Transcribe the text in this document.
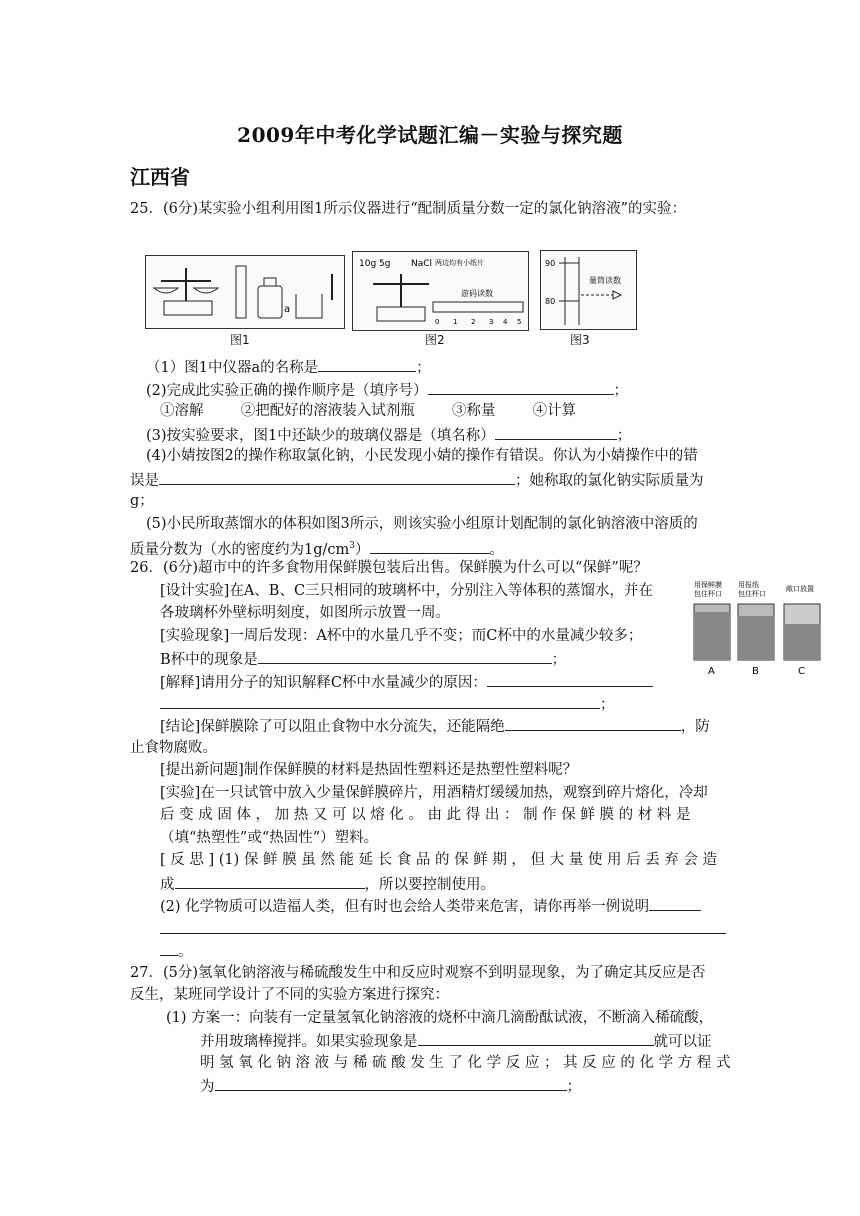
2009年中考化学试题汇编－实验与探究题
江西省
25．(6分)某实验小组利用图1所示仪器进行“配制质量分数一定的氯化钠溶液”的实验：
a
图1
10g 5g NaCl 两边均有小纸片
游码读数
0 1 2 3 4 5
图2
90
80
量筒读数
图3
（1）图1中仪器a的名称是	；
(2)完成此实验正确的操作顺序是（填序号）	；
①溶解	②把配好的溶液装入试剂瓶	③称量	④计算
(3)按实验要求，图1中还缺少的玻璃仪器是（填名称）	；
(4)小婧按图2的操作称取氯化钠，小民发现小婧的操作有错误。你认为小婧操作中的错
误是	；她称取的氯化钠实际质量为
g；
(5)小民所取蒸馏水的体积如图3所示，则该实验小组原计划配制的氯化钠溶液中溶质的
质量分数为（水的密度约为$1g/cm^3$）	。
26．(6分)超市中的许多食物用保鲜膜包装后出售。保鲜膜为什么可以“保鲜”呢？
[设计实验]在A、B、C三只相同的玻璃杯中，分别注入等体积的蒸馏水，并在
各玻璃杯外壁标明刻度，如图所示放置一周。
[实验现象]一周后发现：A杯中的水量几乎不变；而C杯中的水量减少较多；
B杯中的现象是	；
[解释]请用分子的知识解释C杯中水量减少的原因：
；
用保鲜膜
包住杯口
用报纸
包住杯口
敞口放置
A	B	C
[结论]保鲜膜除了可以阻止食物中水分流失，还能隔绝	，防
止食物腐败。
[提出新问题]制作保鲜膜的材料是热固性塑料还是热塑性塑料呢？
[实验]在一只试管中放入少量保鲜膜碎片，用酒精灯缓缓加热，观察到碎片熔化，冷却
后 变 成 固 体 ， 加 热 又 可 以 熔 化 。 由 此 得 出 ： 制 作 保 鲜 膜 的 材 料 是
（填“热塑性”或“热固性”）塑料。
[ 反 思 ] (1) 保 鲜 膜 虽 然 能 延 长 食 品 的 保 鲜 期 ， 但 大 量 使 用 后 丢 弃 会 造
成	，所以要控制使用。
(2) 化学物质可以造福人类，但有时也会给人类带来危害，请你再举一例说明
。
27．(5分)氢氧化钠溶液与稀硫酸发生中和反应时观察不到明显现象，为了确定其反应是否
反生，某班同学设计了不同的实验方案进行探究：
(1) 方案一：向装有一定量氢氧化钠溶液的烧杯中滴几滴酚酞试液，不断滴入稀硫酸，
并用玻璃棒搅拌。如果实验现象是	就可以证
明 氢 氧 化 钠 溶 液 与 稀 硫 酸 发 生 了 化 学 反 应 ； 其 反 应 的 化 学 方 程 式
为	；
